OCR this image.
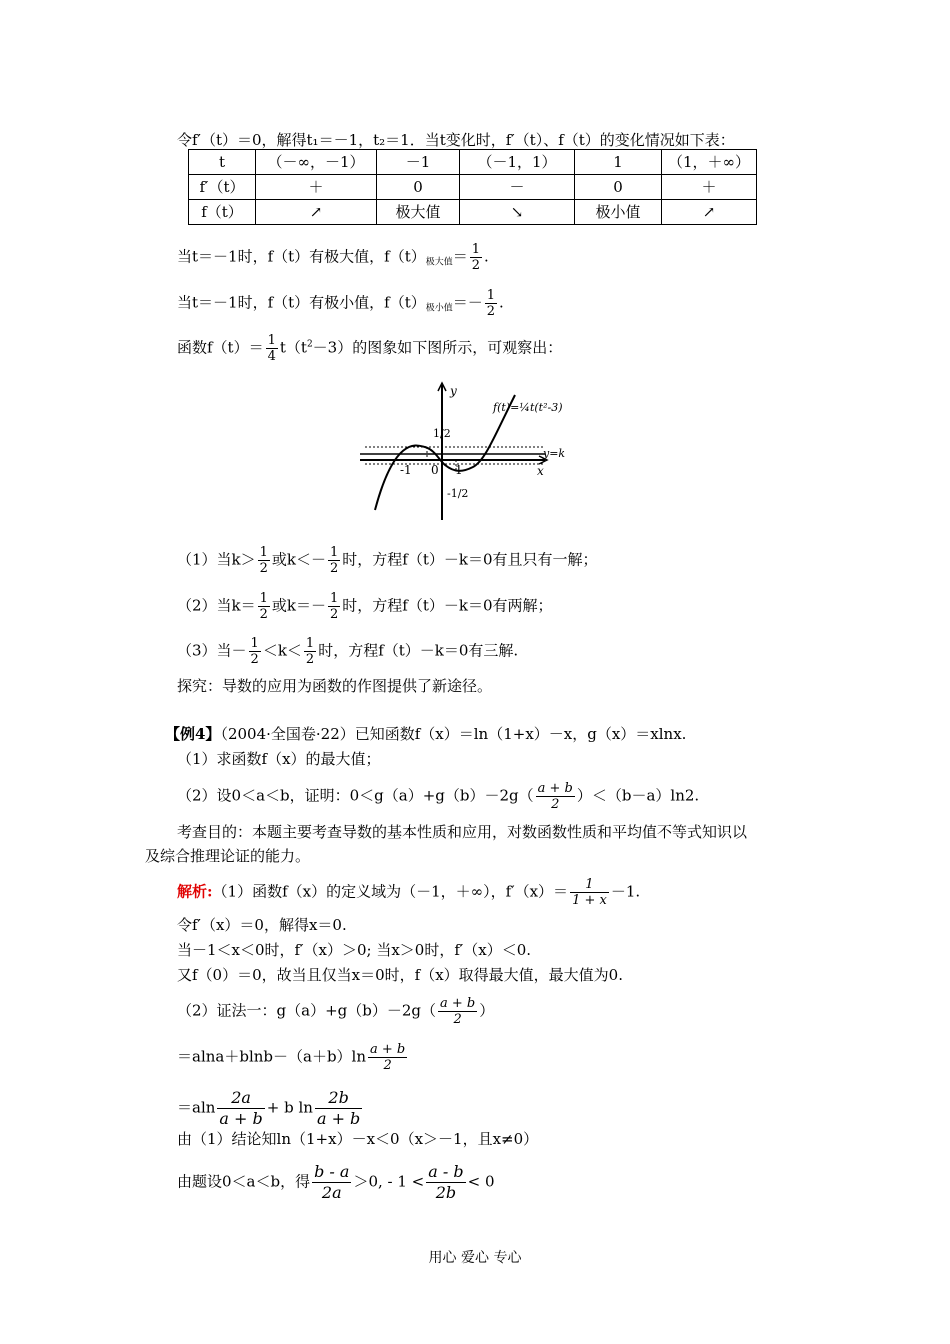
令f′（t）＝0，解得t₁＝－1，t₂＝1．当t变化时，f′（t）、f（t）的变化情况如下表：
t	（－∞，－1）	－1	（－1，1）	1	（1，＋∞）
f′（t）	＋	0	－	0	＋
f（t）	↗	极大值	↘	极小值	↗
当t＝－1时，f（t）有极大值，$f(t)_{极大值}= \frac{1}{2}$ .
当t＝－1时，f（t）有极小值，$f(t)_{极小值}=- \frac{1}{2}$ .
函数$f(t)= \frac{1}{4} t(t^2-3)$的图象如下图所示，可观察出：
y
x
0
-1	1
1/2
-1/2
y=k
f(t)=¼t(t²-3)
（1）当$k> \frac{1}{2}$ 或$k<- \frac{1}{2}$ 时，方程f（t）－k＝0有且只有一解；
（2）当$k= \frac{1}{2}$ 或$k=- \frac{1}{2}$ 时，方程f（t）－k＝0有两解；
（3）当－ $\frac{1}{2} <k< \frac{1}{2}$ 时，方程f（t）－k＝0有三解.
探究：导数的应用为函数的作图提供了新途径。
【例4】（2004·全国卷·22）已知函数f（x）＝ln（1+x）－x，g（x）＝xlnx.
（1）求函数f（x）的最大值；
（2）设0＜a＜b，证明：$0<g(a)+g(b)-2g( \frac{a + b}{2} )<(b-a)\ln 2$.
考查目的：本题主要考查导数的基本性质和应用，对数函数性质和平均值不等式知识以
及综合推理论证的能力。
解析:（1）函数f（x）的定义域为（－1，＋∞），$f'(x)= \frac{1}{1 + x} -1$.
令f′（x）＝0，解得x＝0.
当－1＜x＜0时，f′（x）＞0; 当x＞0时，f′（x）＜0.
又f（0）＝0，故当且仅当x＝0时，f（x）取得最大值，最大值为0.
（2）证法一：$g(a)+g(b)-2g( \frac{a + b}{2}$ ）
$=alna+blnb-(a+b)\ln \frac{a + b}{2}$
$=aln \frac{2a}{a + b} + b$ $\ln \frac{2b}{a + b}$
由（1）结论知ln（1+x）－x＜0（x＞－1，且x≠0）
由题设0＜a＜b，得 $\frac{b - a}{2a} >0$, - $1 < \frac{a - b}{2b} < 0$
用心 爱心 专心
